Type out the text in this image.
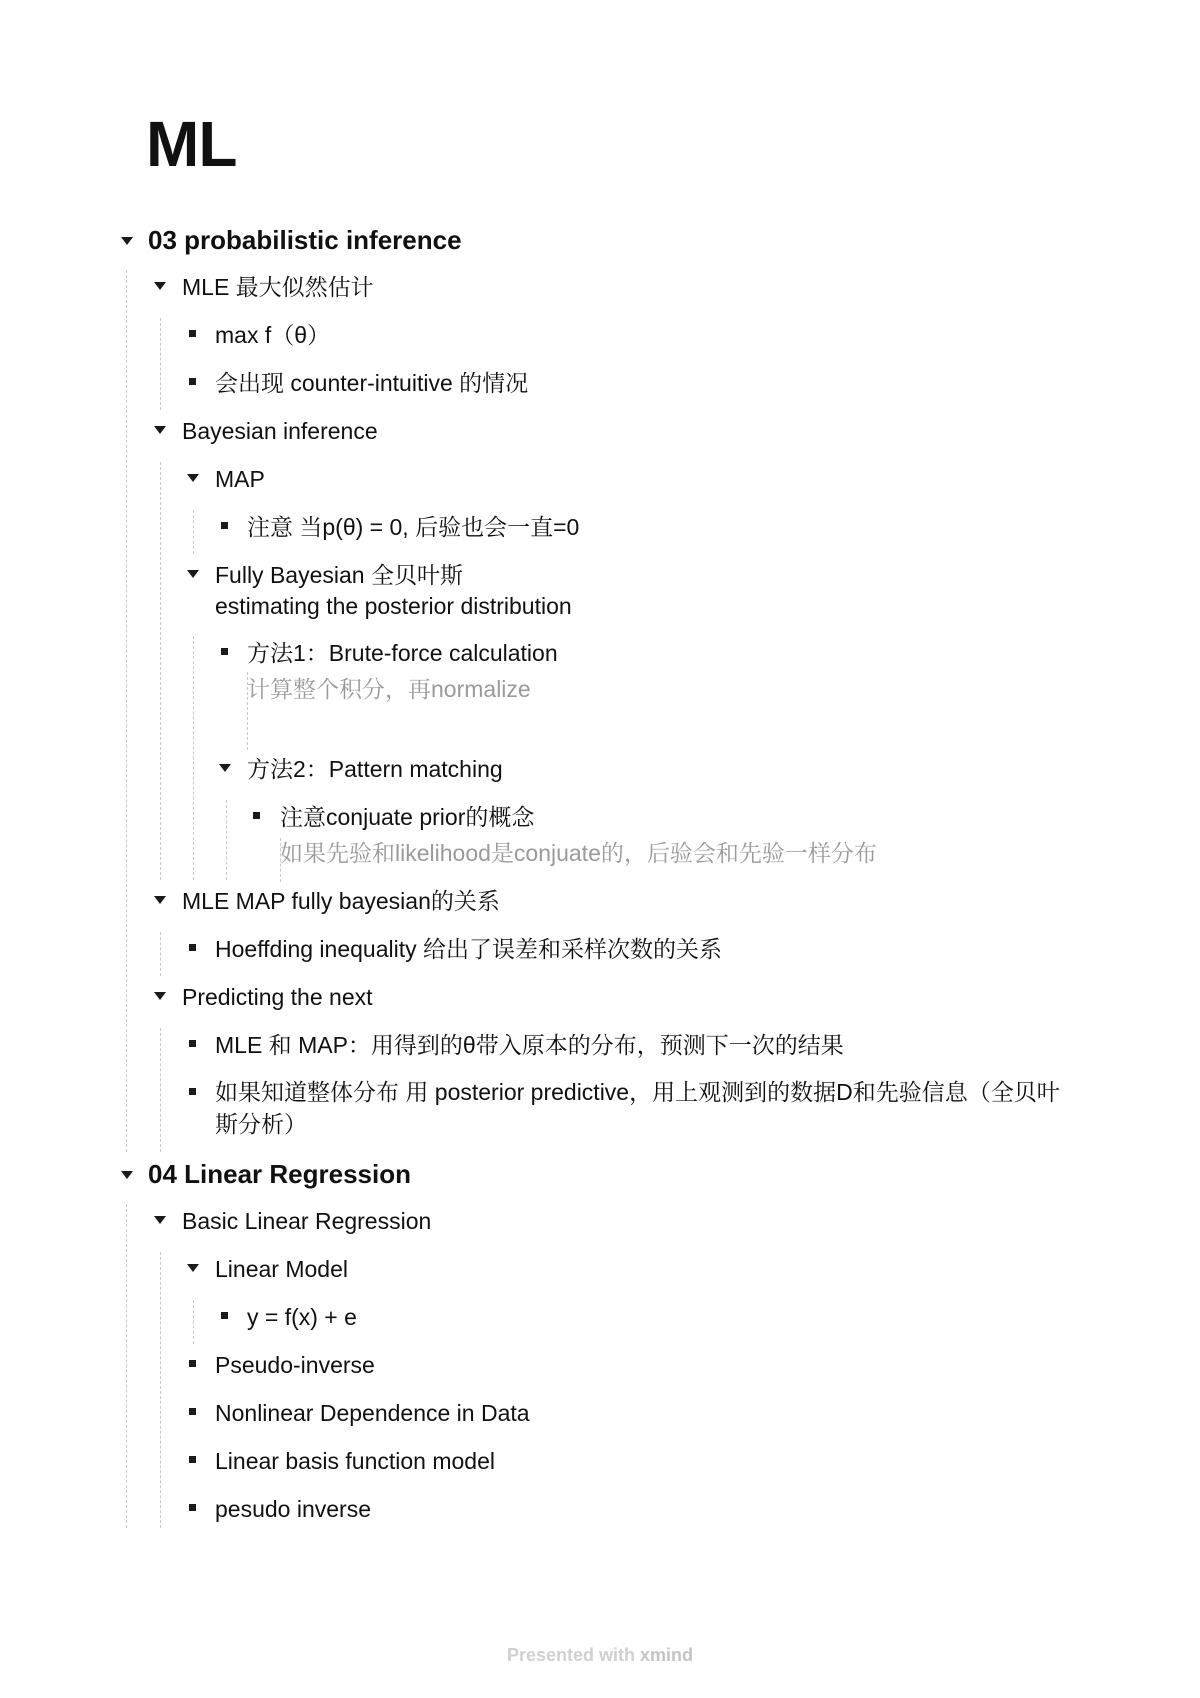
ML
03 probabilistic inference
MLE 最大似然估计
max f（θ）
会出现 counter-intuitive 的情况
Bayesian inference
MAP
注意 当p(θ) = 0, 后验也会一直=0
Fully Bayesian 全贝叶斯
estimating the posterior distribution
方法1：Brute-force calculation
计算整个积分，再normalize
方法2：Pattern matching
注意conjuate prior的概念
如果先验和likelihood是conjuate的，后验会和先验一样分布
MLE MAP fully bayesian的关系
Hoeffding inequality 给出了误差和采样次数的关系
Predicting the next
MLE 和 MAP：用得到的θ带入原本的分布，预测下一次的结果
如果知道整体分布 用 posterior predictive，用上观测到的数据D和先验信息（全贝叶斯分析）
04 Linear Regression
Basic Linear Regression
Linear Model
y = f(x) + e
Pseudo-inverse
Nonlinear Dependence in Data
Linear basis function model
pesudo inverse
Presented with xmind
